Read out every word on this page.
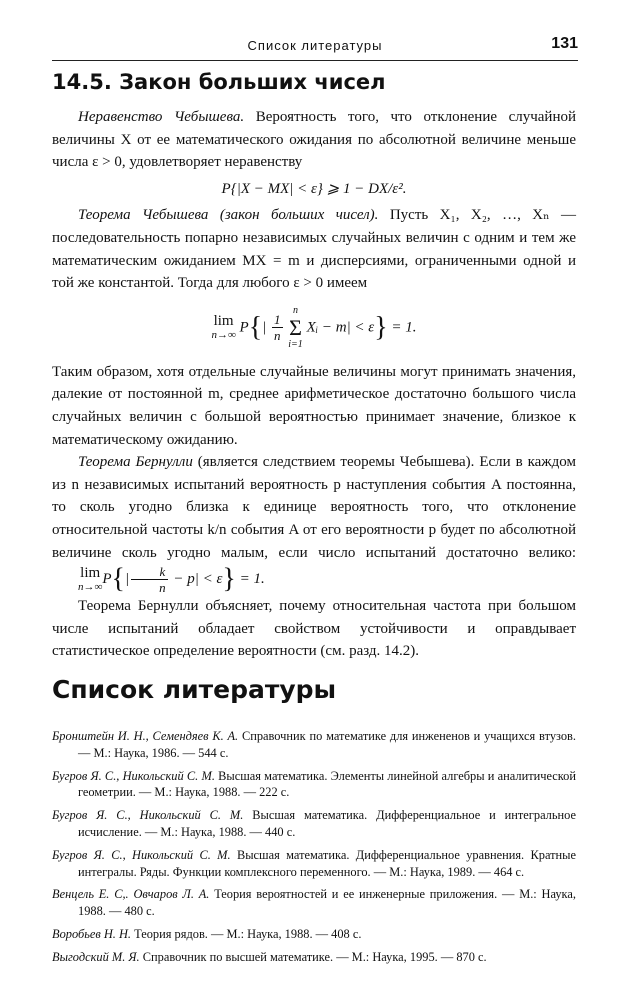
Список литературы	131
14.5. Закон больших чисел

Неравенство Чебышева. Вероятность того, что отклонение случайной величины X от ее математического ожидания по абсолютной величине меньше числа ε > 0, удовлетворяет неравенству

P{|X − MX| < ε} ⩾ 1 − DX/ε².

Теорема Чебышева (закон больших чисел). Пусть X₁, X₂, …, Xₙ — последовательность попарно независимых случайных величин с одним и тем же математическим ожиданием MX = m и дисперсиями, ограниченными одной и той же константой. Тогда для любого ε > 0 имеем

lim
n→∞ $P\{| \frac{1}{n}$

n
Σ
i=1
Xᵢ − m| < ε} = 1.

Таким образом, хотя отдельные случайные величины могут принимать значения, далекие от постоянной m, среднее арифметическое достаточно большого числа случайных величин с большой вероятностью принимает значение, близкое к математическому ожиданию.

Теорема Бернулли (является следствием теоремы Чебышева). Если в каждом из n независимых испытаний вероятность p наступления события A постоянна, то сколь угодно близка к единице вероятность того, что отклонение относительной частоты k/n события A от его вероятности p будет по абсолютной величине сколь угодно малым, если число испытаний достаточно велико: lim
n→∞ $P\{| \frac{k}{n} - p| < \varepsilon\} = 1$.

Теорема Бернулли объясняет, почему относительная частота при большом числе испытаний обладает свойством устойчивости и оправдывает статистическое определение вероятности (см. разд. 14.2).

Список литературы
Бронштейн И. Н., Семендяев К. А. Справочник по математике для инжененов и учащихся втузов. — М.: Наука, 1986. — 544 с.
Бугров Я. С., Никольский С. М. Высшая математика. Элементы линейной алгебры и аналитической геометрии. — М.: Наука, 1988. — 222 с.
Бугров Я. С., Никольский С. М. Высшая математика. Дифференциальное и интегральное исчисление. — М.: Наука, 1988. — 440 с.
Бугров Я. С., Никольский С. М. Высшая математика. Дифференциальное уравнения. Кратные интегралы. Ряды. Функции комплексного переменного. — М.: Наука, 1989. — 464 с.
Венцель Е. С,. Овчаров Л. А. Теория вероятностей и ее инженерные приложения. — М.: Наука, 1988. — 480 с.
Воробьев Н. Н. Теория рядов. — М.: Наука, 1988. — 408 с.
Выгодский М. Я. Справочник по высшей математике. — М.: Наука, 1995. — 870 с.
